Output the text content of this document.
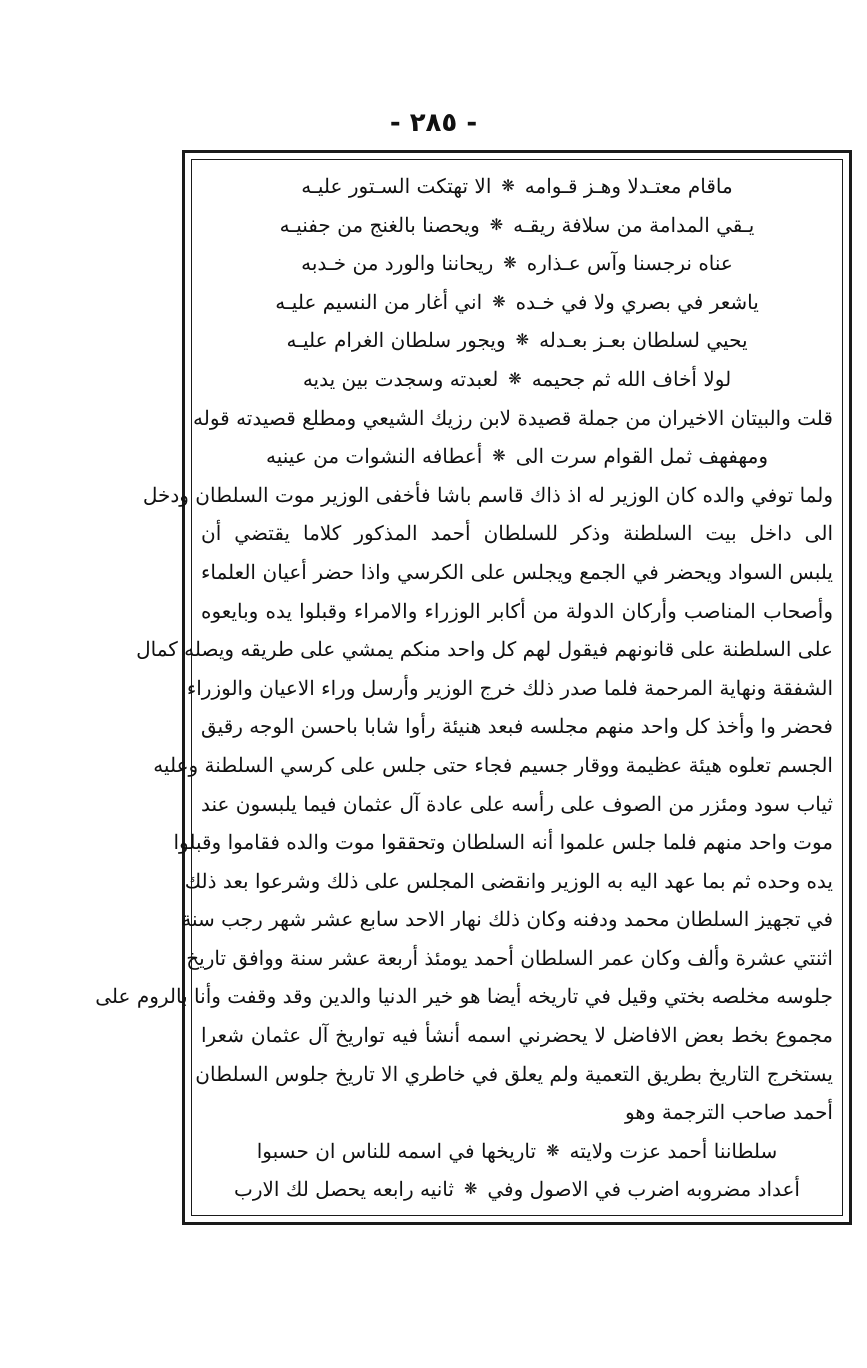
- ٢٨٥ -
ماقام معتـدلا وهـز قـوامه
❋
الا تهتكت السـتور عليـه
يـقي المدامة من سلافة ريقـه
❋
ويحصنا بالغنج من جفنيـه
عناه نرجسنا وآس عـذاره
❋
ريحاننا والورد من خـدبه
ياشعر في بصري ولا في خـده
❋
اني أغار من النسيم عليـه
يحيي لسلطان بعـز بعـدله
❋
ويجور سلطان الغرام عليـه
لولا أخاف الله ثم جحيمه
❋
لعبدته وسجدت بين يديه
قلت والبيتان الاخيران من جملة قصيدة لابن رزيك الشيعي ومطلع قصيدته قوله
ومهفهف ثمل القوام سرت الى
❋
أعطافه النشوات من عينيه
ولما توفي والده كان الوزير له اذ ذاك قاسم باشا فأخفى الوزير موت السلطان ودخل
الى داخل بيت السلطنة وذكر للسلطان أحمد المذكور كلاما يقتضي أن
يلبس السواد ويحضر في الجمع ويجلس على الكرسي واذا حضر أعيان العلماء
وأصحاب المناصب وأركان الدولة من أكابر الوزراء والامراء وقبلوا يده وبايعوه
على السلطنة على قانونهم فيقول لهم كل واحد منكم يمشي على طريقه ويصله كمال
الشفقة ونهاية المرحمة فلما صدر ذلك خرج الوزير وأرسل وراء الاعيان والوزراء
فحضر وا وأخذ كل واحد منهم مجلسه فبعد هنيئة رأوا شابا باحسن الوجه رقيق
الجسم تعلوه هيئة عظيمة ووقار جسيم فجاء حتى جلس على كرسي السلطنة وعليه
ثياب سود ومئزر من الصوف على رأسه على عادة آل عثمان فيما يلبسون عند
موت واحد منهم فلما جلس علموا أنه السلطان وتحققوا موت والده فقاموا وقبلوا
يده وحده ثم بما عهد اليه به الوزير وانقضى المجلس على ذلك وشرعوا بعد ذلك
في تجهيز السلطان محمد ودفنه وكان ذلك نهار الاحد سابع عشر شهر رجب سنة
اثنتي عشرة وألف وكان عمر السلطان أحمد يومئذ أربعة عشر سنة ووافق تاريخ
جلوسه مخلصه بختي وقيل في تاريخه أيضا هو خير الدنيا والدين وقد وقفت وأنا بالروم على
مجموع بخط بعض الافاضل لا يحضرني اسمه أنشأ فيه تواريخ آل عثمان شعرا
يستخرج التاريخ بطريق التعمية ولم يعلق في خاطري الا تاريخ جلوس السلطان
أحمد صاحب الترجمة وهو
سلطاننا أحمد عزت ولايته
❋
تاريخها في اسمه للناس ان حسبوا
أعداد مضروبه اضرب في الاصول وفي
❋
ثانيه رابعه يحصل لك الارب
